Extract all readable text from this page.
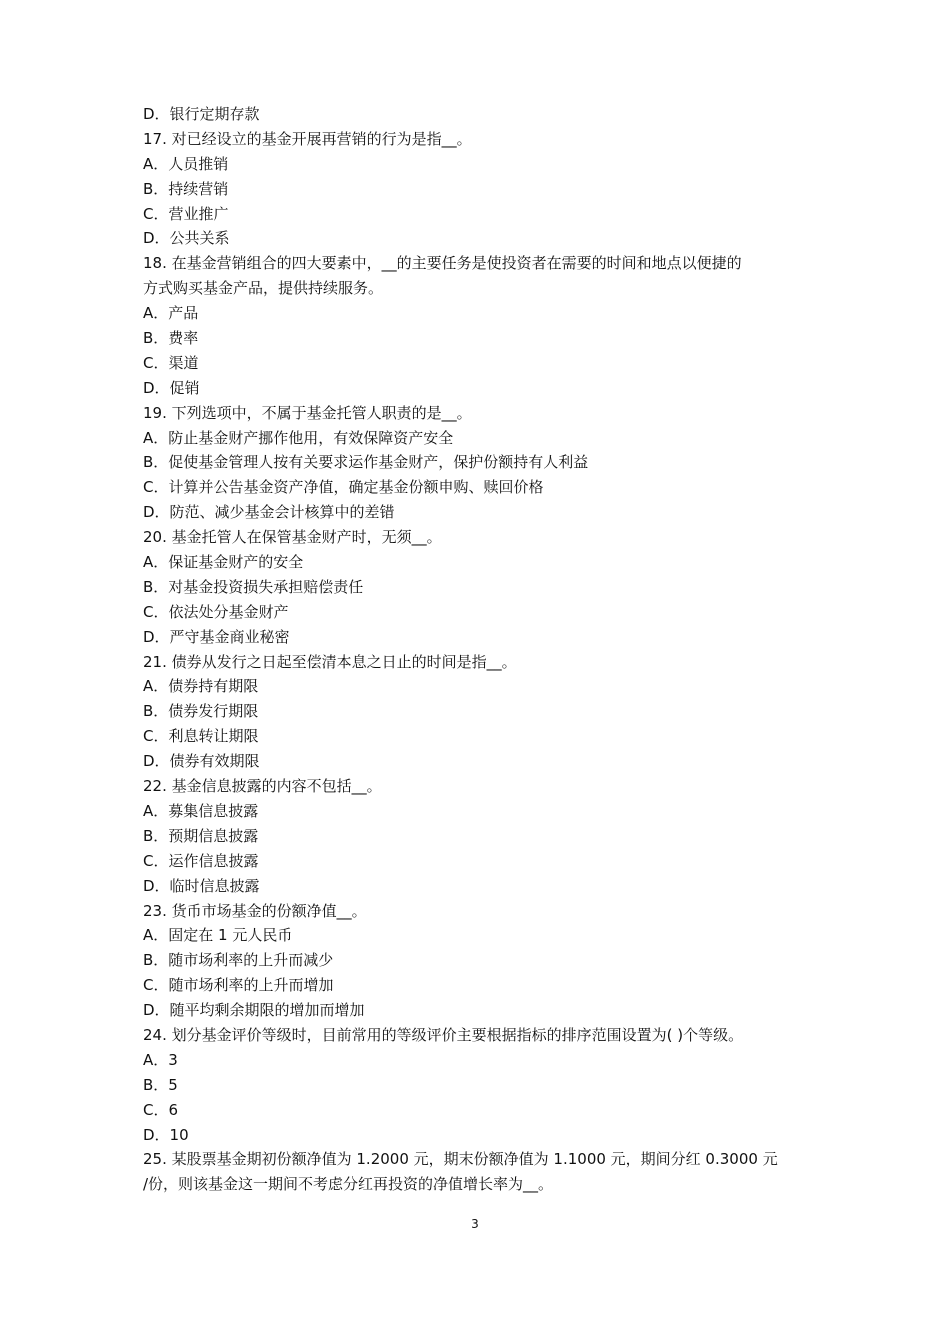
D．银行定期存款
17. 对已经设立的基金开展再营销的行为是指__。
A．人员推销
B．持续营销
C．营业推广
D．公共关系
18. 在基金营销组合的四大要素中，__的主要任务是使投资者在需要的时间和地点以便捷的
方式购买基金产品，提供持续服务。
A．产品
B．费率
C．渠道
D．促销
19. 下列选项中，不属于基金托管人职责的是__。
A．防止基金财产挪作他用，有效保障资产安全
B．促使基金管理人按有关要求运作基金财产，保护份额持有人利益
C．计算并公告基金资产净值，确定基金份额申购、赎回价格
D．防范、减少基金会计核算中的差错
20. 基金托管人在保管基金财产时，无须__。
A．保证基金财产的安全
B．对基金投资损失承担赔偿责任
C．依法处分基金财产
D．严守基金商业秘密
21. 债券从发行之日起至偿清本息之日止的时间是指__。
A．债券持有期限
B．债券发行期限
C．利息转让期限
D．债券有效期限
22. 基金信息披露的内容不包括__。
A．募集信息披露
B．预期信息披露
C．运作信息披露
D．临时信息披露
23. 货币市场基金的份额净值__。
A．固定在 1 元人民币
B．随市场利率的上升而减少
C．随市场利率的上升而增加
D．随平均剩余期限的增加而增加
24. 划分基金评价等级时，目前常用的等级评价主要根据指标的排序范围设置为( )个等级。
A．3
B．5
C．6
D．10
25. 某股票基金期初份额净值为 1.2000 元，期末份额净值为 1.1000 元，期间分红 0.3000 元
/份，则该基金这一期间不考虑分红再投资的净值增长率为__。
3
